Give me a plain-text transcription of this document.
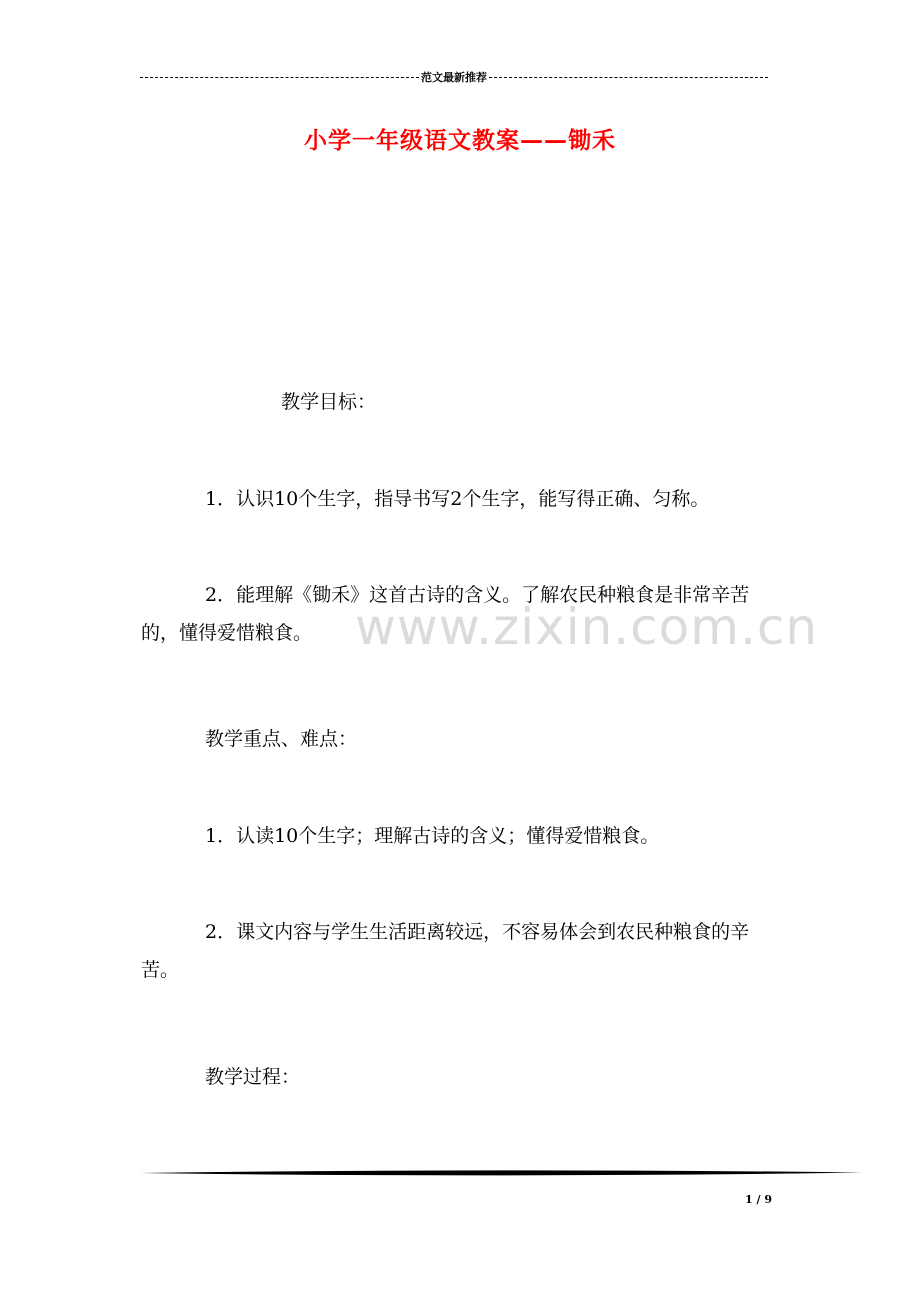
范文最新推荐
小学一年级语文教案——锄禾

教学目标：

1．认识10个生字，指导书写2个生字，能写得正确、匀称。

2．能理解《锄禾》这首古诗的含义。了解农民种粮食是非常辛苦的，懂得爱惜粮食。

教学重点、难点：

1．认读10个生字；理解古诗的含义；懂得爱惜粮食。

2．课文内容与学生生活距离较远，不容易体会到农民种粮食的辛苦。

教学过程：

www.zixin.com.cn
1 / 9
